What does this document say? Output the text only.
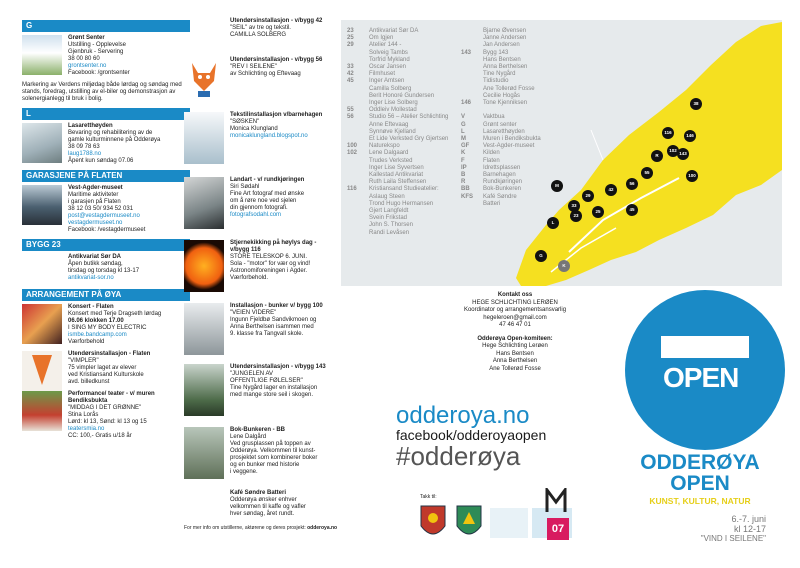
G
Grønt Senter
Utstilling - Opplevelse
Gjenbruk - Servering
38 00 80 60
grontsenter.no
Facebook: /grontsenter
Markering av Verdens miljødag både lørdag og søndag med stands, foredrag, utstilling av el-biler og demonstrasjon av solenergianlegg til bruk i bolig.
L
Lasaretthøyden
Bevaring og rehabilitering av de
gamle kulturminnene på Odderøya
38 09 78 63
laug1788.no
Åpent kun søndag 07.06
GARASJENE PÅ FLATEN
Vest-Agder-museet
Maritime aktiviteter
i garasjen på Flaten
38 12 03 50/ 934 52 031
post@vestagdermuseet.no
vestagdermuseet.no
Facebook: /vestagdermuseet
BYGG 23
Antikvariat Sør DA
Åpen butikk søndag,
tirsdag og torsdag kl 13-17
antikvariat-sor.no
ARRANGEMENT PÅ ØYA
Konsert - Flaten
Konsert med Terje Dragseth lørdag
06.06 klokken 17.00
I SING MY BODY ELECTRIC
ismbe.bandcamp.com
Værforbehold
Utendørsinstallasjon - Flaten
"VIMPLER"
75 vimpler laget av elever
ved Kristiansand Kulturskole
avd. billedkunst
Performance/ teater - v/ muren
Bendiksbukta
"MIDDAG I DET GRØNNE"
Stina Lorås
Lørd: kl 13, Sønd: kl 13 og 15
teatersmia.no
CC: 100,- Gratis u/18 år
Utendørsinstallasjon - v/bygg 42
"SEIL" av tre og tekstil.
CAMILLA SOLBERG
Utendørsinstallasjon - v/bygg 56
"REV I SEILENE"
av Schlichting og Eftevaag
Tekstilinstallasjon v/barnehagen
"SØSKEN"
Monica Klungland
monicaklungland.blogspot.no
Landart - v/ rundkjøringen
Siri Sødahl
Fine Art fotograf med ønske
om å røre noe ved sjelen
din gjennom fotografi.
fotografsodahl.com
Stjernekikking på høylys dag -
v/bygg 116
STORE TELESKOP 6. JUNI.
Sola - "motor" for vær og vind!
Astronomiforeningen i Agder.
Værforbehold.
Installasjon - bunker v/ bygg 100
"VEIEN VIDERE"
Ingunn Fjeldbø Sandvikmoen og
Anna Berthelsen isammen med
9. klasse fra Tangvall skole.
Utendørsinstallasjon - v/bygg 143
"JUNGELEN AV
OFFENTLIGE FØLELSER"
Tine Nygård lager en installasjon
med mange store seil i skogen.
Bok-Bunkeren - BB
Lene Dalgård
Ved grusplassen på toppen av
Odderøya. Velkommen til kunst-
prosjektet som kombinerer boker
og en bunker med historie
i veggene.
Kafé Søndre Batteri
Odderøya ønsker enhver
velkommen til kaffe og vafler
hver søndag, året rundt.
For mer info om utstillerne, aktørene og deres prosjekt: odderoya.no
23	Antikvariat Sør DA
25	Om Igjen
29	Atelier 144 -
Solveig Tambs
Torfrid Mykland
33	Oscar Jansen
42	Filmhuset
45	Inger Amtsen
Camilla Solberg
Berit Honoré Gundersen
Inger Lise Solberg
55	Oddleiv Mollestad
56	Studio 56 – Atelier Schlichting
Anne Eftevaag
Synnøve Kjelland
Et Lide Verksted Gry Gjertsen
100 Naturekspo
102 Lene Dalgaard
Trudes Verksted
Inger Lise Syvertsen
Kallestad Antikvariat
Ruth Laila Steffensen
116 Kristiansand Studieatelier:
Aslaug Steen
Trond Hugo Hermansen
Gjert Langfeldt
Svein Frikstad
John S. Thorsen
Randi Levåsen
Bjarne Øvensen
Janne Andersen
Jan Andersen
143 Bygg 143
Hans Bentsen
Anna Berthelsen
Tine Nygård
Tidistudio
Ane Tollerød Fosse
Cecilie Hogås
146 Tone Kjenniksen
V	Vaktbua
G	Grønt senter
L	Lasaretthøyden
M	Muren i Bendiksbukta
GF Vest-Agder-museet
K	Kilden
F	Flaten
IP	Idrettsplassen
B	Barnehagen
R	Rundkjøringen
BB Bok-Bunkeren
KFS Kafé Søndre
Batteri
38
116
146
102
100
143
R
55
M
29
33
42
56
23
25	45
L
G
K
Kontakt oss
HEGE SCHLICHTING LERØEN
Koordinator og arrangementsansvarlig
hegeleroen@gmail.com
47 46 47 01

Odderøya Open-komiteen:
Hege Schlichting Lerøen
Hans Bentsen
Anna Berthelsen
Ane Tollerød Fosse
odderoya.no
facebook/odderoyaopen
#odderøya
Takk til:
07
OPEN
ODDERØYA
OPEN
KUNST, KULTUR, NATUR
6.-7. juni
kl 12-17
"VIND I SEILENE"
